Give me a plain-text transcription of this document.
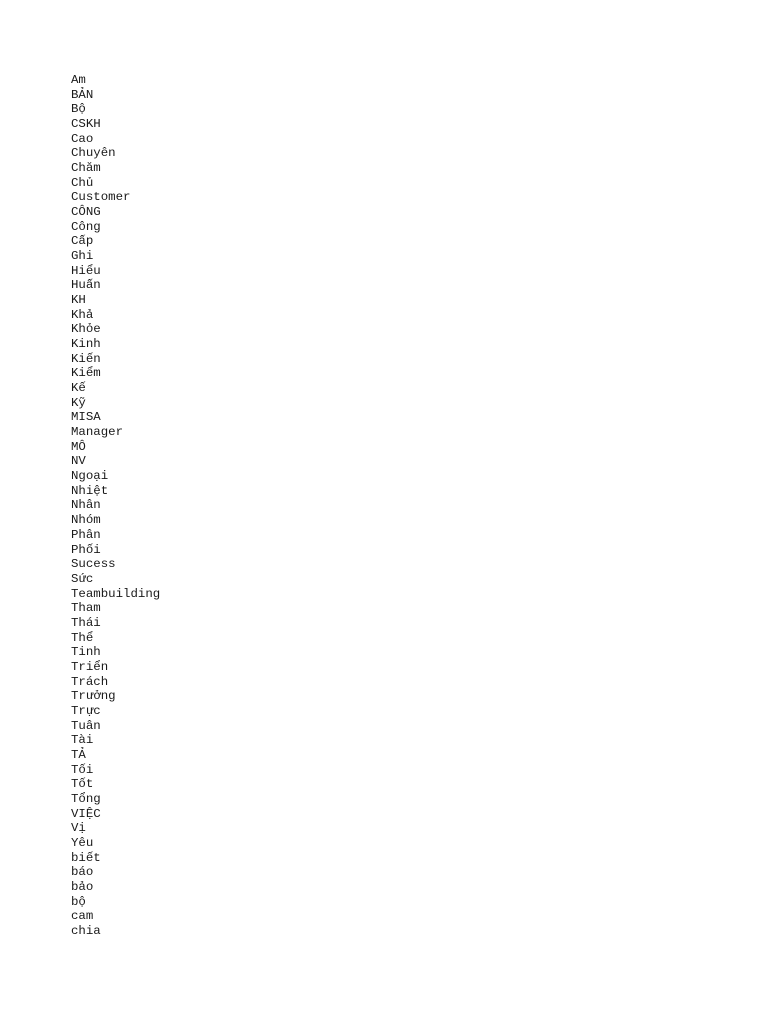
Am
BẢN
Bộ
CSKH
Cao
Chuyên
Chăm
Chủ
Customer
CÔNG
Công
Cấp
Ghi
Hiểu
Huấn
KH
Khả
Khỏe
Kinh
Kiến
Kiểm
Kế
Kỹ
MISA
Manager
MÔ
NV
Ngoại
Nhiệt
Nhân
Nhóm
Phân
Phối
Sucess
Sức
Teambuilding
Tham
Thái
Thể
Tinh
Triển
Trách
Trưởng
Trực
Tuân
Tài
TẢ
Tối
Tốt
Tổng
VIỆC
Vị
Yêu
biết
báo
bảo
bộ
cam
chia
